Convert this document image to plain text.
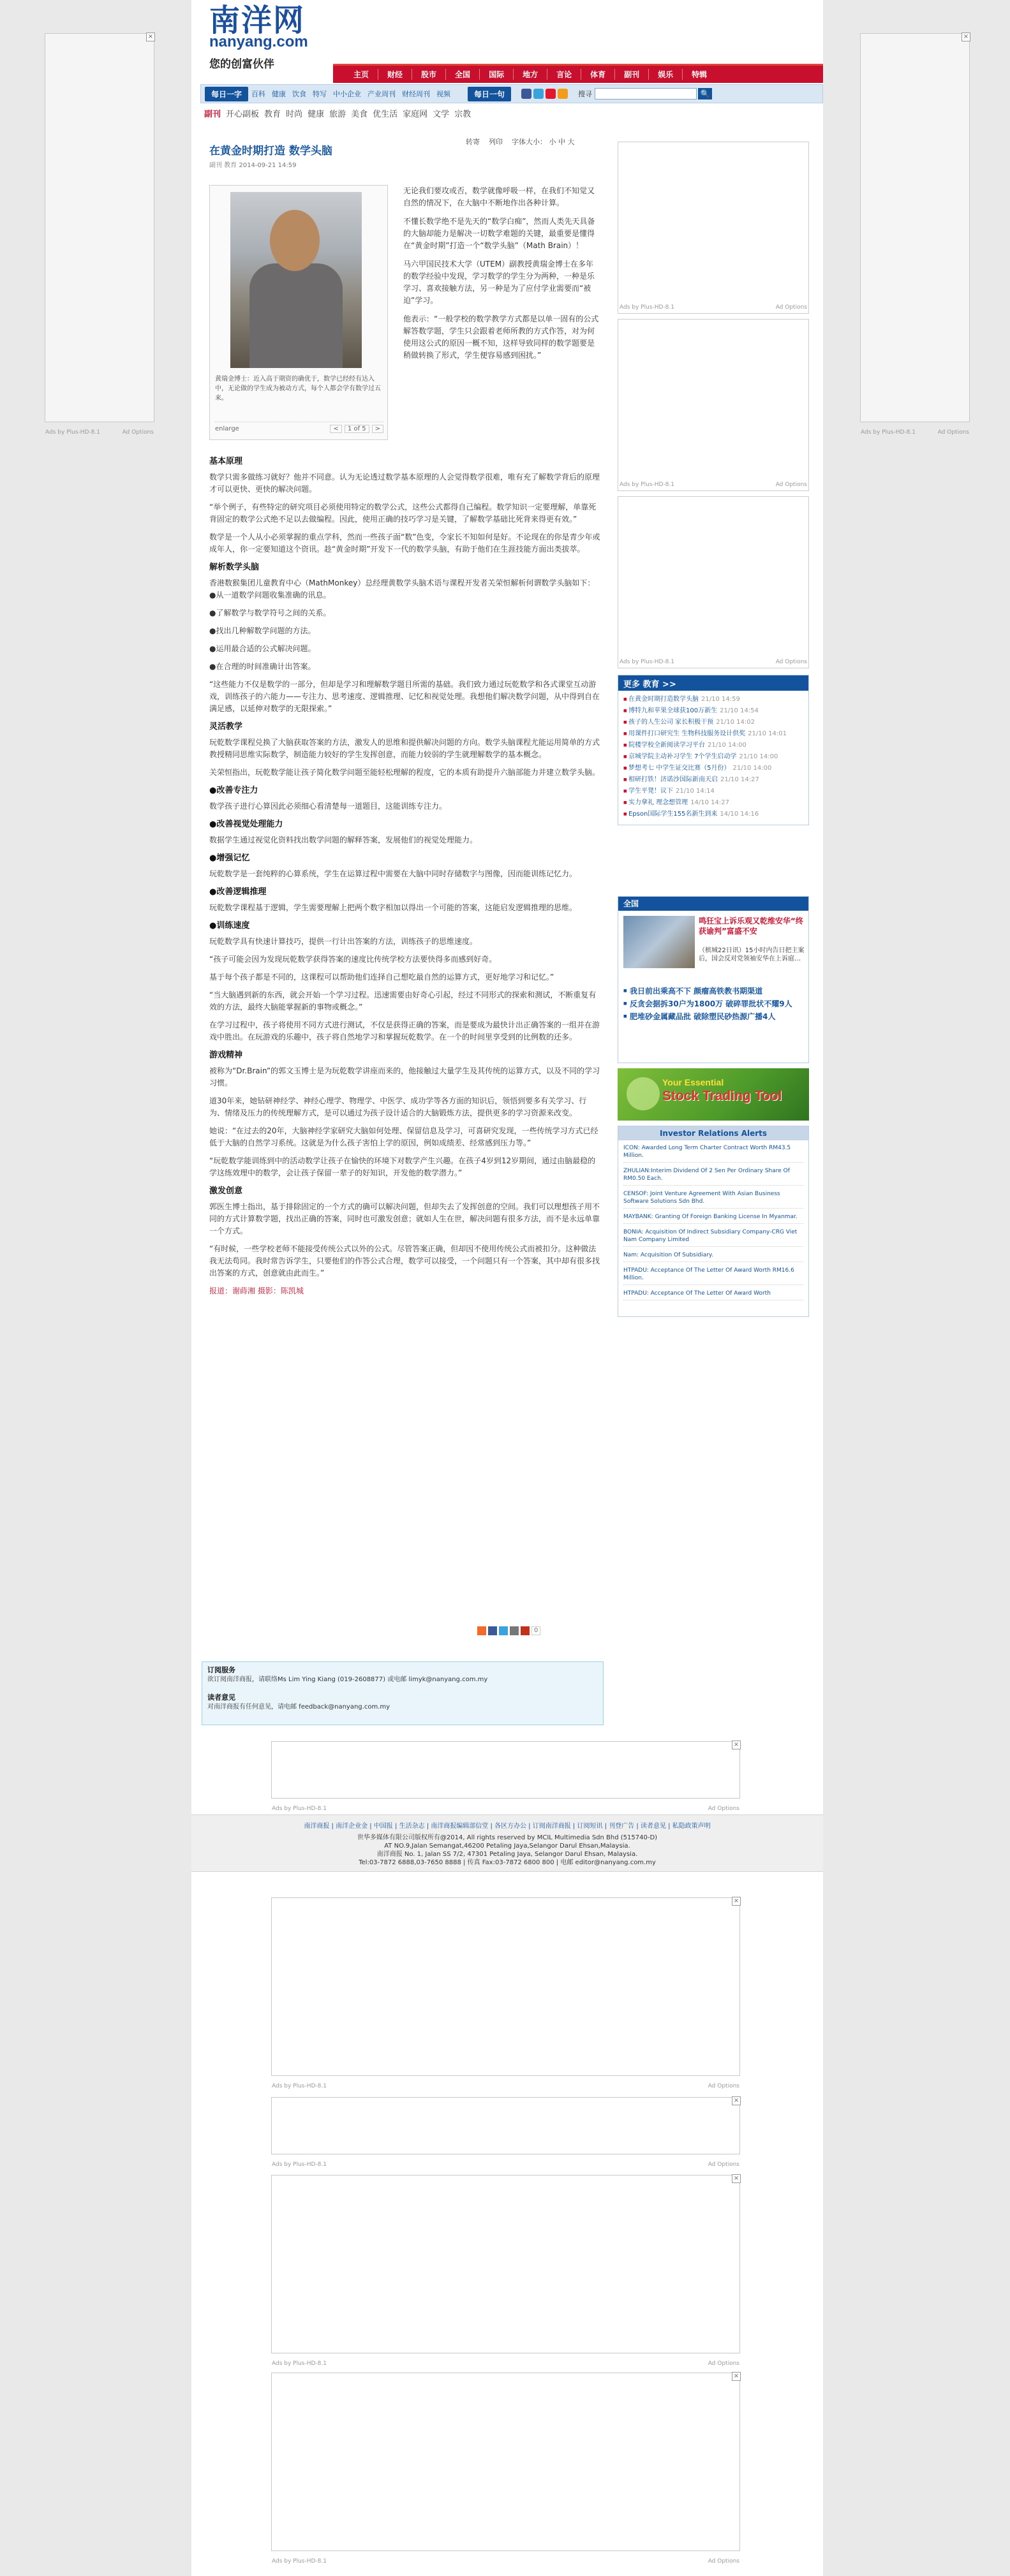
×
Ads by Plus-HD-8.1	Ad Options
×
Ads by Plus-HD-8.1	Ad Options
南洋网
nanyang.com
您的创富伙伴
主页	财经	股市	全国	国际	地方	言论	体育	副刊	娱乐	特辑
每日一字	百科 健康 饮食 特写 中小企业 产业周刊 财经周刊 视频	每日一句	搜寻	🔍
副刊 开心副板 教育 时尚 健康 旅游 美食 优生活 家庭网 文学 宗教
转寄 列印 字体大小： 小 中 大
在黄金时期打造 数学头脑
副刊 教育 2014-09-21 14:59
黄瑞金博士：近入高于期资的确优于，数学已经经有达入中，无论做的学生成为被动方式，每个人都会学有数学过五来。
enlarge	<	1 of 5	>

无论我们要攻或否，数学就像呼吸一样，在我们不知觉又自然的情况下，在大脑中不断地作出各种计算。

不懂长数学绝不是先天的“数学白痴”，然而人类先天具备的大脑却能力是解决一切数学难题的关键，最重要是懂得在“黄金时期”打造一个“数学头脑”（Math Brain）！

马六甲国民技术大学（UTEM）副教授黄瑞金博士在多年的数学经验中发现，学习数学的学生分为两种，一种是乐学习、喜欢接触方法，另一种是为了应付学业需要而“被迫”学习。

他表示：“一般学校的数学教学方式都是以单一固有的公式解答数学题，学生只会跟着老师所教的方式作答，对为何使用这公式的原因一概不知，这样导致同样的数学题要是稍做转换了形式，学生便容易感到困扰。”

基本原理

数学只需多做练习就好？他并不同意。认为无论透过数学基本原理的人会觉得数学很难，唯有充了解数学背后的原理才可以更快、更快的解决问题。

“举个例子，有些特定的研究项目必须使用特定的数学公式，这些公式都得自己编程。数学知识一定要理解，单靠死背固定的数学公式绝不足以去做编程。因此，使用正确的技巧学习是关键，了解数学基础比死背来得更有效。”

数学是一个人从小必须掌握的重点学科，然而一些孩子面“数”色变，令家长不知如何是好。不论现在的你是青少年或成年人，你一定要知道这个资讯。趁“黄金时期”开发下一代的数学头脑，有助于他们在生涯技能方面出类拔萃。

解析数学头脑

香港数猴集团儿童教育中心（MathMonkey）总经理黄数学头脑术语与课程开发者关荣恒解析何谓数学头脑如下：●从一道数学问题收集准确的讯息。

●了解数学与数学符号之间的关系。

●找出几种解数学问题的方法。

●运用最合适的公式解决问题。

●在合理的时间准确计出答案。

“这些能力不仅是数学的一部分，但却是学习和理解数学题目所需的基础。我们致力通过玩乾数学和各式课堂互动游戏，训练孩子的六能力——专注力、思考速度、逻辑推理、记忆和视觉处理。我想他们解决数学问题，从中得到自在满足感，以延伸对数学的无限探索。”

灵活教学

玩乾数学课程兑换了大脑获取答案的方法，激发人的思维和提供解决问题的方向。数学头脑课程尤能运用简单的方式教授精同思维实际数学，制造能力较好的学生发挥创意，而能力较弱的学生就理解数学的基本概念。

关荣恒指出，玩乾数学能让孩子简化数学问题至能轻松理解的程度，它的本质有助提升六脑部能力并建立数学头脑。

●改善专注力

数学孩子进行心算因此必须细心看清楚每一道题目，这能训练专注力。

●改善视觉处理能力

数据学生通过视觉化资料找出数学问题的解释答案，发展他们的视觉处理能力。

●增强记忆

玩乾数学是一套纯粹的心算系统，学生在运算过程中需要在大脑中同时存储数字与图像，因而能训练记忆力。

●改善逻辑推理

玩乾数学课程基于逻辑，学生需要理解上把两个数字相加以得出一个可能的答案，这能启发逻辑推理的思维。

●训练速度

玩乾数学具有快速计算技巧，提供一行计出答案的方法，训练孩子的思维速度。

“孩子可能会因为发现玩乾数学获得答案的速度比传统学校方法要快得多而感到好奇。

基于每个孩子都是不同的，这课程可以帮助他们连择自己想吃最自然的运算方式，更好地学习和记忆。”

“当大脑遇到新的东西，就会开始一个学习过程。迅速需要由好奇心引起，经过不同形式的探索和测试，不断重复有效的方法，最终大脑能掌握新的事物或概念。”

在学习过程中，孩子将使用不同方式进行测试，不仅是获得正确的答案，而是要成为最快计出正确答案的一组并在游戏中胜出。在玩游戏的乐趣中，孩子将自然地学习和掌握玩乾数学。在一个的时间里享受到的比例数的还多。

游戏精神

被称为“Dr.Brain”的郭文玉博士是为玩乾数学讲座而来的，他接触过大量学生及其传统的运算方式，以及不同的学习习惯。

道30年来，她钻研神经学、神经心理学、物理学、中医学、成功学等各方面的知识后，领悟到要多有关学习、行为、情绪及压力的传统理解方式，是可以通过为孩子设计适合的大脑锻炼方法，提供更多的学习资源来改变。

她说：“在过去的20年，大脑神经学家研究大脑如何处理、保留信息及学习，可喜研究发现，一些传统学习方式已经低于大脑的自然学习系统。这就是为什么孩子害怕上学的原因，例如成绩差、经常感到压力等。”

“玩乾数学能训练到中的活动数学让孩子在愉快的环境下对数学产生兴趣。在孩子4岁到12岁期间，通过由脑最稳的学这练效理中的数学，会让孩子保留一辈子的好知识，开发他的数学潜力。”

激发创意

郭医生博士指出，基于排除固定的一个方式的确可以解决问题，但却失去了发挥创意的空间。我们可以理想孩子用不同的方式计算数学题，找出正确的答案，同时也可激发创意；就如人生在世，解决问题有很多方法，而不是永远单靠一个方式。

“有时候，一些学校老师不能接受传统公式以外的公式。尽管答案正确，但却因不使用传统公式而被扣分。这种做法我无法苟同。我时常告诉学生，只要他们的作答公式合理，数学可以接受，一个问题只有一个答案，其中却有很多找出答案的方式，创意就由此而生。”

报道：谢蒔湘 摄影：陈凯城

0
订阅服务
欲订阅南洋商报，请联络Ms Lim Ying Kiang (019-2608877) 或电邮 limyk@nanyang.com.my

读者意见
对南洋商报有任何意见，请电邮 feedback@nanyang.com.my
×
Ads by Plus-HD-8.1	Ad Options
南洋商报 | 南洋企业金 | 中国报 | 生活杂志 | 南洋商报编辑部信堂 | 各区方办公 | 订阅南洋商报 | 订阅短讯 | 刊登广告 | 读者意见 | 私隐政策声明
世华多媒体有限公司版权所有@2014, All rights reserved by MCIL Multimedia Sdn Bhd (515740-D)
AT NO.9,Jalan Semangat,46200 Petaling Jaya,Selangor Darul Ehsan,Malaysia.
南洋商报 No. 1, Jalan SS 7/2, 47301 Petaling Jaya, Selangor Darul Ehsan, Malaysia.
Tel:03-7872 6888,03-7650 8888 | 传真 Fax:03-7872 6800 800 | 电邮 editor@nanyang.com.my
×
Ads by Plus-HD-8.1	Ad Options
×
Ads by Plus-HD-8.1	Ad Options
×
Ads by Plus-HD-8.1	Ad Options
×
Ads by Plus-HD-8.1	Ad Options
Ads by Plus-HD-8.1	Ad Options
Ads by Plus-HD-8.1	Ad Options
Ads by Plus-HD-8.1	Ad Options
更多 教育 >>
■ 在黄金时期打造数学头脑 21/10 14:59
■ 博特九和苹果全球获100万新生 21/10 14:54
■ 孩子的人生公司 家长积极干预 21/10 14:02
■ 用课件打口研究生 生物科技服务设计供奖 21/10 14:01
■ 院楼学校全新阅读学习平台 21/10 14:00
■ 京城学院主动补习学生 7个学生启动学 21/10 14:00
■ 梦想考七 中学生证交比赛（5月份） 21/10 14:00
■ 相研打铁！济诺沙国际新南天启 21/10 14:27
■ 学生平凳！议下 21/10 14:14
■ 实力拿礼 理念想管理 14/10 14:27
■ Epson国际学生155名新生到来 14/10 14:16
全国
鸣狂宝上诉乐观又乾维安华“终获谕判”富盛不安
（槟城22日讯）15小时内告日把主案后，国会反对党领袖安华在上诉庭…
■ 我日前出乘高不下 颜瘤高铁教书期渠道
■ 反贪会据拆30户为1800万 破碎罪批状不耀9人
■ 肥堆砂金属藏品批 破除塑民砂热源广播4人
Your Essential
Stock Trading Tool
Investor Relations Alerts
ICON: Awarded Long Term Charter Contract Worth RM43.5 Million.
ZHULIAN:Interim Dividend Of 2 Sen Per Ordinary Share Of RM0.50 Each.
CENSOF: Joint Venture Agreement With Asian Business Software Solutions Sdn Bhd.
MAYBANK: Granting Of Foreign Banking License In Myanmar.
BONIA: Acquisition Of Indirect Subsidiary Company-CRG Viet Nam Company Limited
Nam: Acquisition Of Subsidiary.
HTPADU: Acceptance Of The Letter Of Award Worth RM16.6 Million.
HTPADU: Acceptance Of The Letter Of Award Worth
